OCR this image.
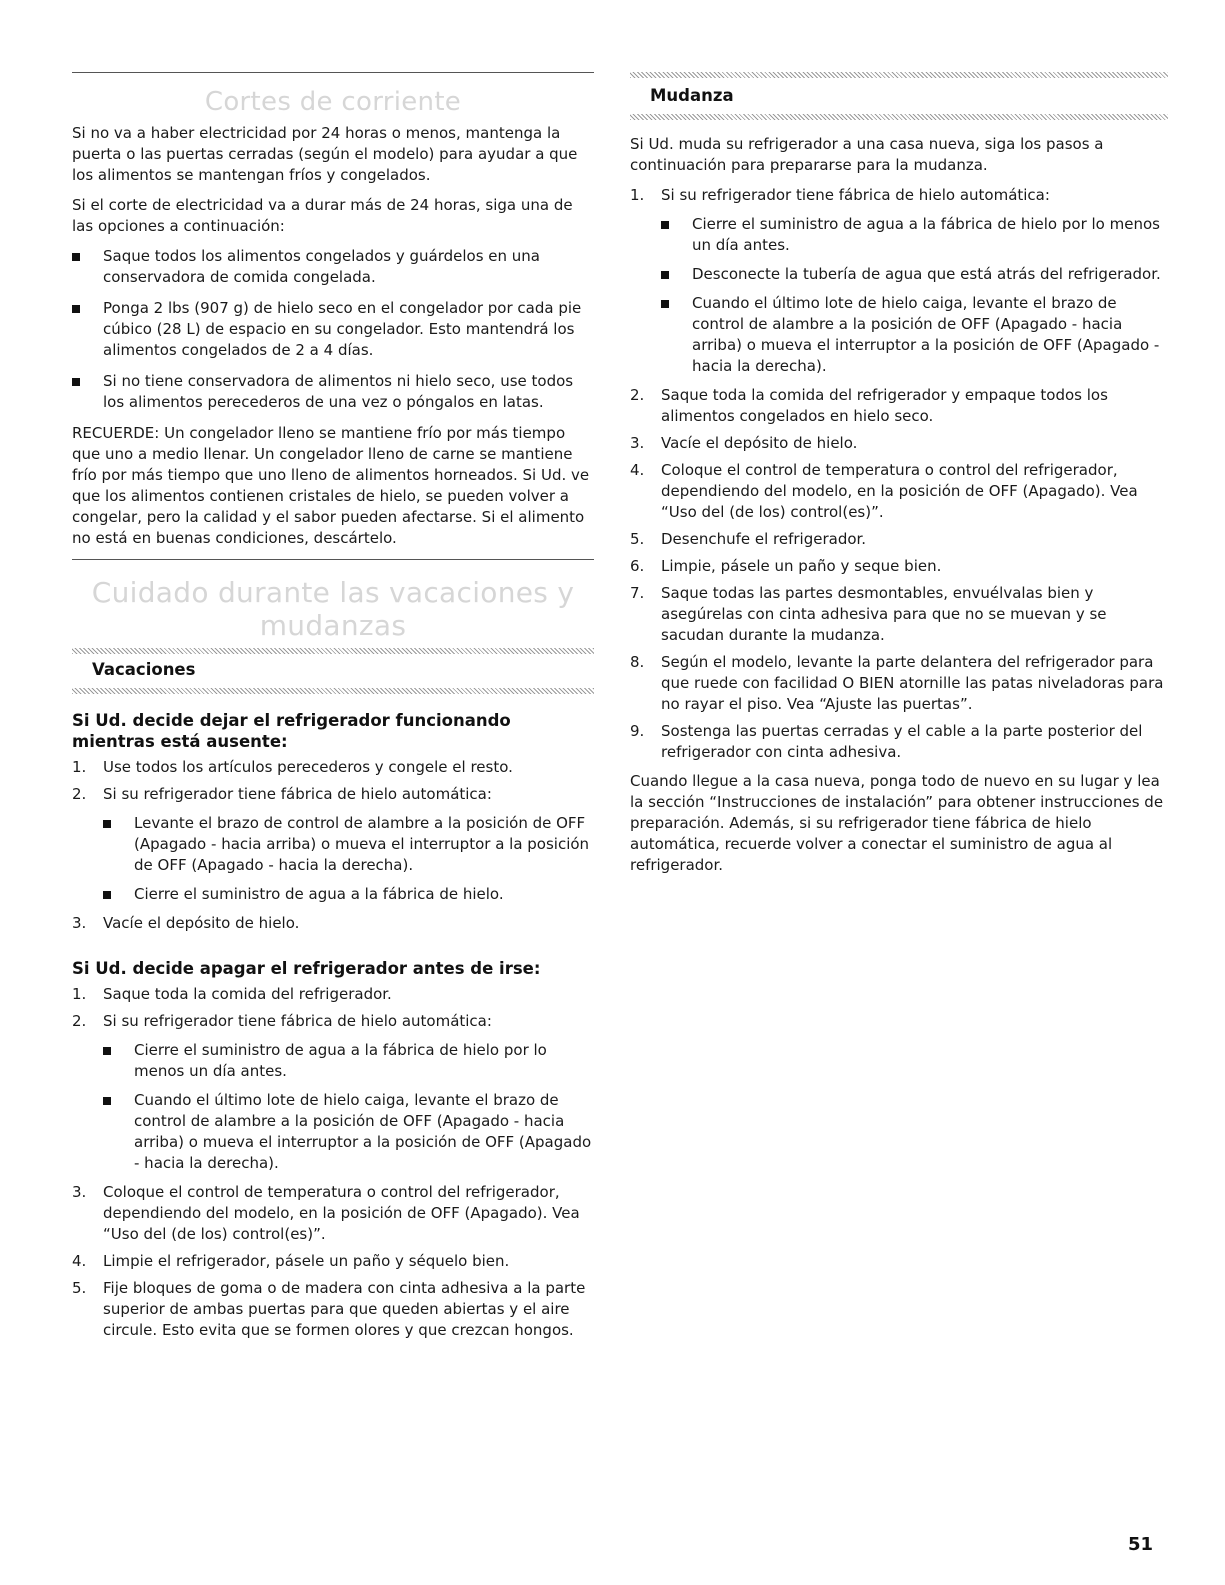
Cortes de corriente

Si no va a haber electricidad por 24 horas o menos, mantenga la puerta o las puertas cerradas (según el modelo) para ayudar a que los alimentos se mantengan fríos y congelados.

Si el corte de electricidad va a durar más de 24 horas, siga una de las opciones a continuación:

Saque todos los alimentos congelados y guárdelos en una conservadora de comida congelada.
Ponga 2 lbs (907 g) de hielo seco en el congelador por cada pie cúbico (28 L) de espacio en su congelador. Esto mantendrá los alimentos congelados de 2 a 4 días.
Si no tiene conservadora de alimentos ni hielo seco, use todos los alimentos perecederos de una vez o póngalos en latas.

RECUERDE: Un congelador lleno se mantiene frío por más tiempo que uno a medio llenar. Un congelador lleno de carne se mantiene frío por más tiempo que uno lleno de alimentos horneados. Si Ud. ve que los alimentos contienen cristales de hielo, se pueden volver a congelar, pero la calidad y el sabor pueden afectarse. Si el alimento no está en buenas condiciones, descártelo.

Cuidado durante las vacaciones y mudanzas
Vacaciones
Si Ud. decide dejar el refrigerador funcionando
mientras está ausente:
1. Use todos los artículos perecederos y congele el resto.
2. Si su refrigerador tiene fábrica de hielo automática:
Levante el brazo de control de alambre a la posición de OFF (Apagado - hacia arriba) o mueva el interruptor a la posición de OFF (Apagado - hacia la derecha).
Cierre el suministro de agua a la fábrica de hielo.
3. Vacíe el depósito de hielo.
Si Ud. decide apagar el refrigerador antes de irse:
1. Saque toda la comida del refrigerador.
2. Si su refrigerador tiene fábrica de hielo automática:
Cierre el suministro de agua a la fábrica de hielo por lo menos un día antes.
Cuando el último lote de hielo caiga, levante el brazo de control de alambre a la posición de OFF (Apagado - hacia arriba) o mueva el interruptor a la posición de OFF (Apagado - hacia la derecha).
3. Coloque el control de temperatura o control del refrigerador, dependiendo del modelo, en la posición de OFF (Apagado). Vea “Uso del (de los) control(es)”.
4. Limpie el refrigerador, pásele un paño y séquelo bien.
5. Fije bloques de goma o de madera con cinta adhesiva a la parte superior de ambas puertas para que queden abiertas y el aire circule. Esto evita que se formen olores y que crezcan hongos.
Mudanza

Si Ud. muda su refrigerador a una casa nueva, siga los pasos a continuación para prepararse para la mudanza.

1. Si su refrigerador tiene fábrica de hielo automática:
Cierre el suministro de agua a la fábrica de hielo por lo menos un día antes.
Desconecte la tubería de agua que está atrás del refrigerador.
Cuando el último lote de hielo caiga, levante el brazo de control de alambre a la posición de OFF (Apagado - hacia arriba) o mueva el interruptor a la posición de OFF (Apagado - hacia la derecha).
2. Saque toda la comida del refrigerador y empaque todos los alimentos congelados en hielo seco.
3. Vacíe el depósito de hielo.
4. Coloque el control de temperatura o control del refrigerador, dependiendo del modelo, en la posición de OFF (Apagado). Vea “Uso del (de los) control(es)”.
5. Desenchufe el refrigerador.
6. Limpie, pásele un paño y seque bien.
7. Saque todas las partes desmontables, envuélvalas bien y asegúrelas con cinta adhesiva para que no se muevan y se sacudan durante la mudanza.
8. Según el modelo, levante la parte delantera del refrigerador para que ruede con facilidad O BIEN atornille las patas niveladoras para no rayar el piso. Vea “Ajuste las puertas”.
9. Sostenga las puertas cerradas y el cable a la parte posterior del refrigerador con cinta adhesiva.

Cuando llegue a la casa nueva, ponga todo de nuevo en su lugar y lea la sección “Instrucciones de instalación” para obtener instrucciones de preparación. Además, si su refrigerador tiene fábrica de hielo automática, recuerde volver a conectar el suministro de agua al refrigerador.

51
